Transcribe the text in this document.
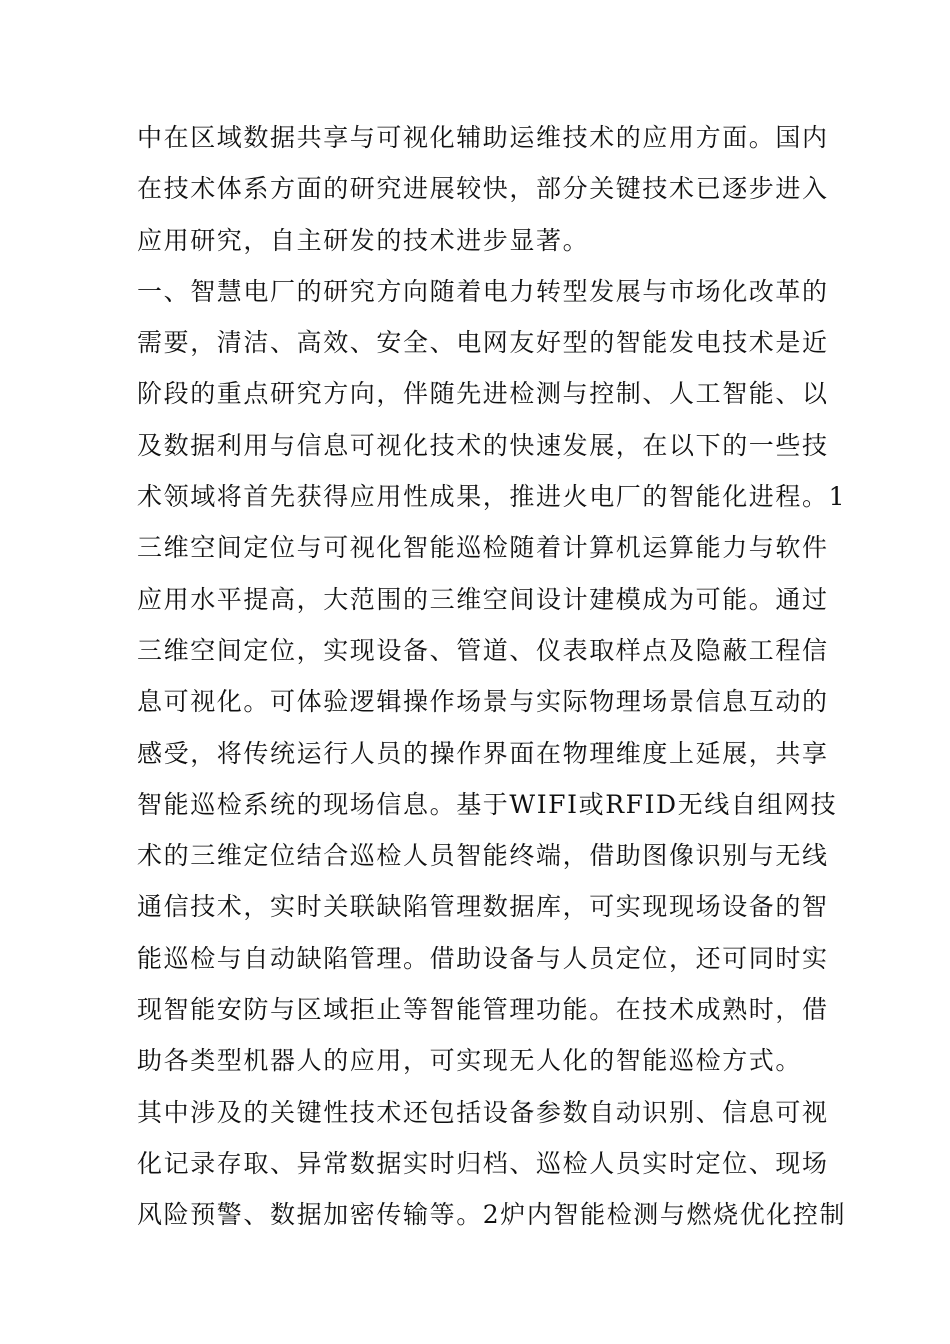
中在区域数据共享与可视化辅助运维技术的应用方面。国内
在技术体系方面的研究进展较快，部分关键技术已逐步进入
应用研究，自主研发的技术进步显著。
一、智慧电厂的研究方向随着电力转型发展与市场化改革的
需要，清洁、高效、安全、电网友好型的智能发电技术是近
阶段的重点研究方向，伴随先进检测与控制、人工智能、以
及数据利用与信息可视化技术的快速发展，在以下的一些技
术领域将首先获得应用性成果，推进火电厂的智能化进程。1
三维空间定位与可视化智能巡检随着计算机运算能力与软件
应用水平提高，大范围的三维空间设计建模成为可能。通过
三维空间定位，实现设备、管道、仪表取样点及隐蔽工程信
息可视化。可体验逻辑操作场景与实际物理场景信息互动的
感受，将传统运行人员的操作界面在物理维度上延展，共享
智能巡检系统的现场信息。基于WIFI或RFID无线自组网技
术的三维定位结合巡检人员智能终端，借助图像识别与无线
通信技术，实时关联缺陷管理数据库，可实现现场设备的智
能巡检与自动缺陷管理。借助设备与人员定位，还可同时实
现智能安防与区域拒止等智能管理功能。在技术成熟时，借
助各类型机器人的应用，可实现无人化的智能巡检方式。
其中涉及的关键性技术还包括设备参数自动识别、信息可视
化记录存取、异常数据实时归档、巡检人员实时定位、现场
风险预警、数据加密传输等。2炉内智能检测与燃烧优化控制
